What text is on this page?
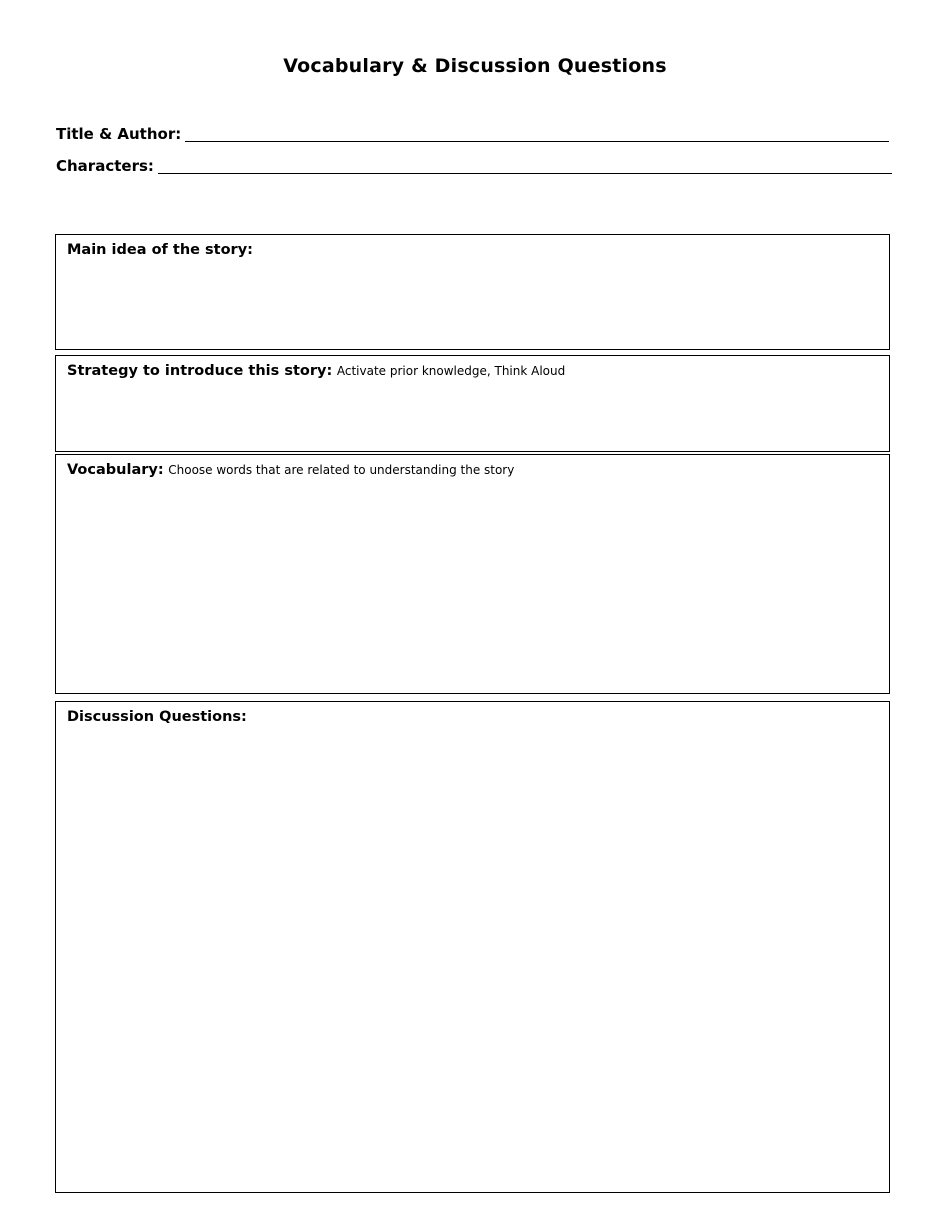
Vocabulary & Discussion Questions
Title & Author:
Characters:
Main idea of the story:
Strategy to introduce this story: Activate prior knowledge, Think Aloud
Vocabulary: Choose words that are related to understanding the story
Discussion Questions:
